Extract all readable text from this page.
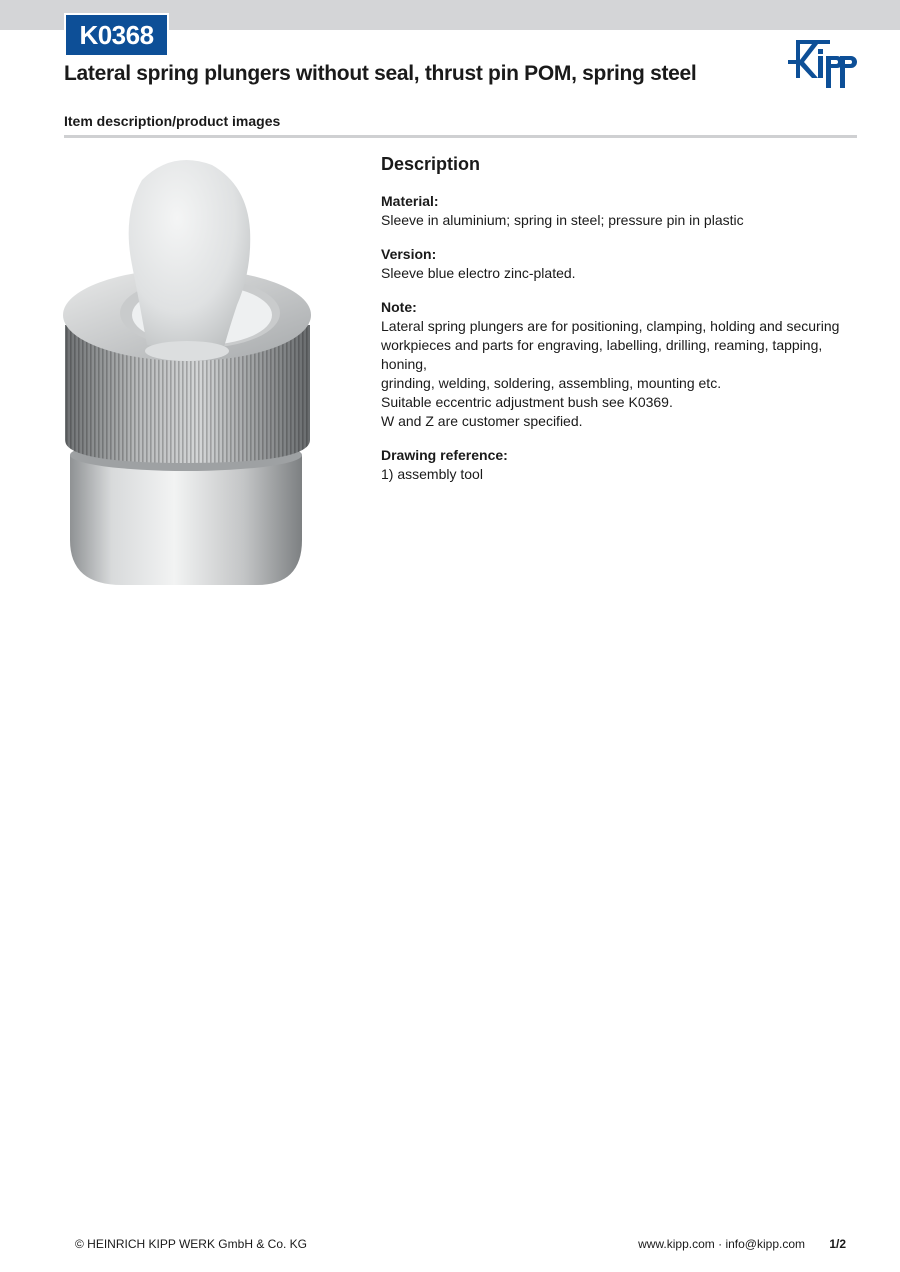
K0368
Lateral spring plungers without seal, thrust pin POM, spring steel
Kipp
Item description/product images
Description
Material:
Sleeve in aluminium; spring in steel; pressure pin in plastic
Version:
Sleeve blue electro zinc-plated.
Note:
Lateral spring plungers are for positioning, clamping, holding and securing
workpieces and parts for engraving, labelling, drilling, reaming, tapping, honing,
grinding, welding, soldering, assembling, mounting etc.
Suitable eccentric adjustment bush see K0369.
W and Z are customer specified.
Drawing reference:
1) assembly tool
© HEINRICH KIPP WERK GmbH & Co. KG	www.kipp.com · info@kipp.com 1/2
